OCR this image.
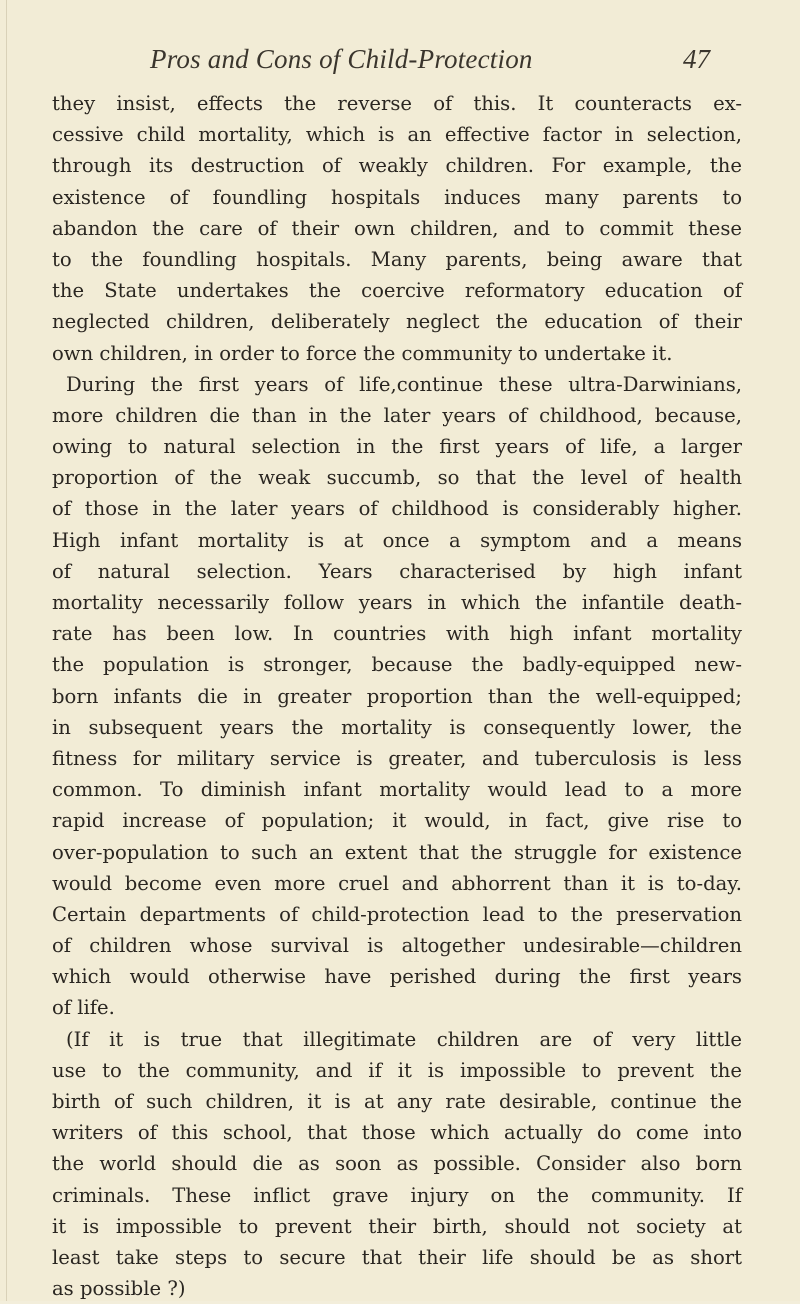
Pros and Cons of Child-Protection	47
they insist, effects the reverse of this. It counteracts ex-
cessive child mortality, which is an effective factor in selection,
through its destruction of weakly children. For example, the
existence of foundling hospitals induces many parents to
abandon the care of their own children, and to commit these
to the foundling hospitals. Many parents, being aware that
the State undertakes the coercive reformatory education of
neglected children, deliberately neglect the education of their
own children, in order to force the community to undertake it.
During the first years of life,continue these ultra-Darwinians,
more children die than in the later years of childhood, because,
owing to natural selection in the first years of life, a larger
proportion of the weak succumb, so that the level of health
of those in the later years of childhood is considerably higher.
High infant mortality is at once a symptom and a means
of natural selection. Years characterised by high infant
mortality necessarily follow years in which the infantile death-
rate has been low. In countries with high infant mortality
the population is stronger, because the badly-equipped new-
born infants die in greater proportion than the well-equipped;
in subsequent years the mortality is consequently lower, the
fitness for military service is greater, and tuberculosis is less
common. To diminish infant mortality would lead to a more
rapid increase of population; it would, in fact, give rise to
over-population to such an extent that the struggle for existence
would become even more cruel and abhorrent than it is to-day.
Certain departments of child-protection lead to the preservation
of children whose survival is altogether undesirable—children
which would otherwise have perished during the first years
of life.
(If it is true that illegitimate children are of very little
use to the community, and if it is impossible to prevent the
birth of such children, it is at any rate desirable, continue the
writers of this school, that those which actually do come into
the world should die as soon as possible. Consider also born
criminals. These inflict grave injury on the community. If
it is impossible to prevent their birth, should not society at
least take steps to secure that their life should be as short
as possible ?)
